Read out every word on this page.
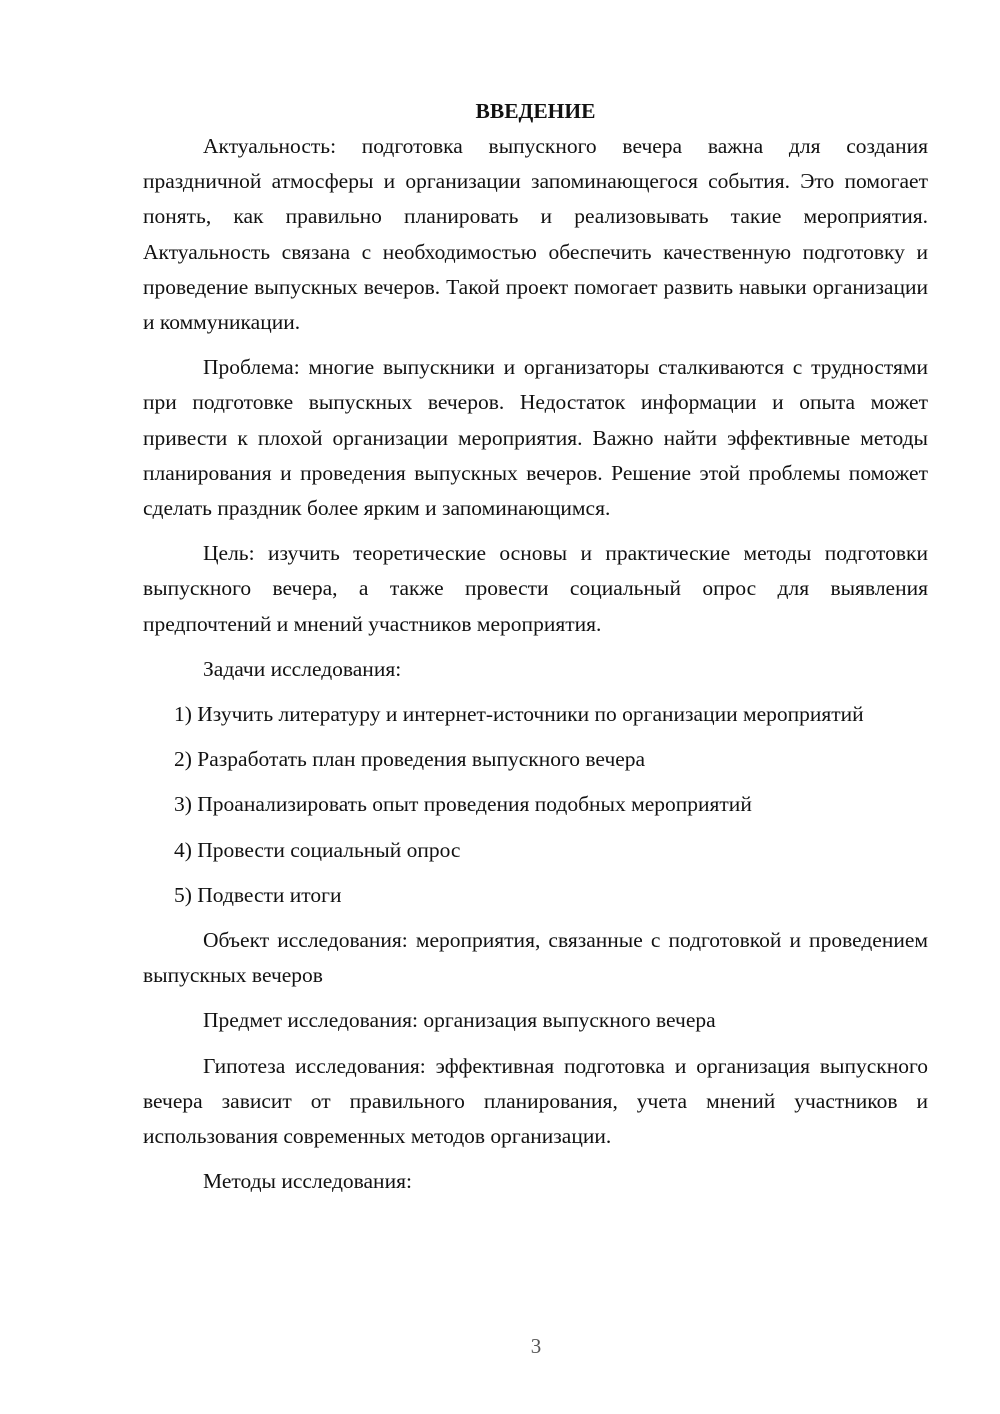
ВВЕДЕНИЕ

Актуальность: подготовка выпускного вечера важна для создания праздничной атмосферы и организации запоминающегося события. Это помогает понять, как правильно планировать и реализовывать такие мероприятия. Актуальность связана с необходимостью обеспечить качественную подготовку и проведение выпускных вечеров. Такой проект помогает развить навыки организации и коммуникации.

Проблема: многие выпускники и организаторы сталкиваются с трудностями при подготовке выпускных вечеров. Недостаток информации и опыта может привести к плохой организации мероприятия. Важно найти эффективные методы планирования и проведения выпускных вечеров. Решение этой проблемы поможет сделать праздник более ярким и запоминающимся.

Цель: изучить теоретические основы и практические методы подготовки выпускного вечера, а также провести социальный опрос для выявления предпочтений и мнений участников мероприятия.

Задачи исследования:

1) Изучить литературу и интернет-источники по организации мероприятий

2) Разработать план проведения выпускного вечера

3) Проанализировать опыт проведения подобных мероприятий

4) Провести социальный опрос

5) Подвести итоги

Объект исследования: мероприятия, связанные с подготовкой и проведением выпускных вечеров

Предмет исследования: организация выпускного вечера

Гипотеза исследования: эффективная подготовка и организация выпускного вечера зависит от правильного планирования, учета мнений участников и использования современных методов организации.

Методы исследования:

3
